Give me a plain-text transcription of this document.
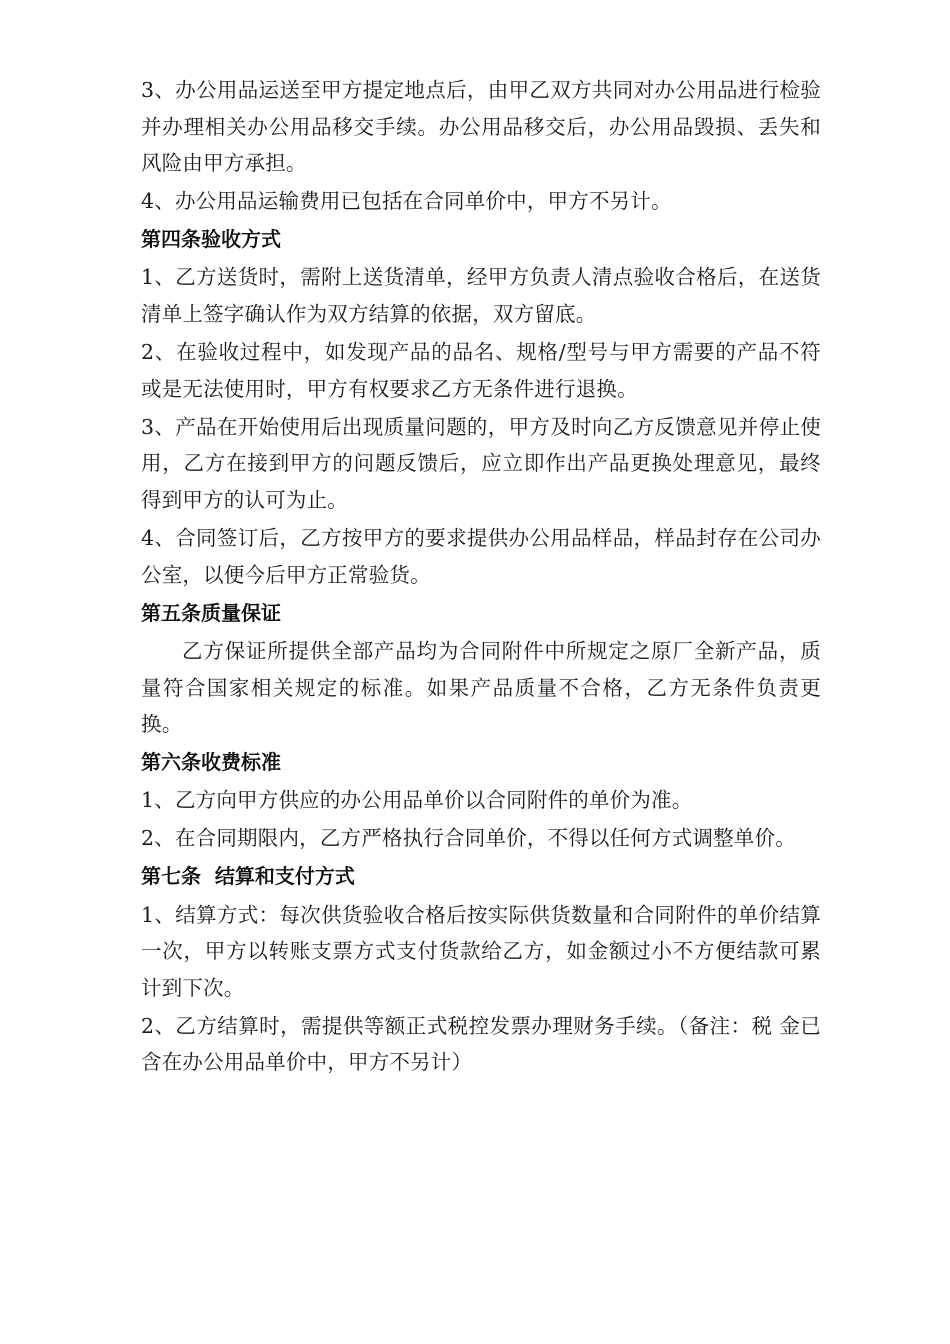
3、办公用品运送至甲方提定地点后，由甲乙双方共同对办公用品进行检验并办理相关办公用品移交手续。办公用品移交后，办公用品毁损、丢失和风险由甲方承担。

4、办公用品运输费用已包括在合同单价中，甲方不另计。

第四条验收方式

1、乙方送货时，需附上送货清单，经甲方负责人清点验收合格后，在送货清单上签字确认作为双方结算的依据，双方留底。

2、在验收过程中，如发现产品的品名、规格/型号与甲方需要的产品不符或是无法使用时，甲方有权要求乙方无条件进行退换。

3、产品在开始使用后出现质量问题的，甲方及时向乙方反馈意见并停止使用，乙方在接到甲方的问题反馈后，应立即作出产品更换处理意见，最终得到甲方的认可为止。

4、合同签订后，乙方按甲方的要求提供办公用品样品，样品封存在公司办公室，以便今后甲方正常验货。

第五条质量保证

乙方保证所提供全部产品均为合同附件中所规定之原厂全新产品，质量符合国家相关规定的标准。如果产品质量不合格，乙方无条件负责更换。

第六条收费标准

1、乙方向甲方供应的办公用品单价以合同附件的单价为准。

2、在合同期限内，乙方严格执行合同单价，不得以任何方式调整单价。

第七条  结算和支付方式

1、结算方式：每次供货验收合格后按实际供货数量和合同附件的单价结算一次，甲方以转账支票方式支付货款给乙方，如金额过小不方便结款可累计到下次。

2、乙方结算时，需提供等额正式税控发票办理财务手续。（备注：税 金已含在办公用品单价中，甲方不另计）
